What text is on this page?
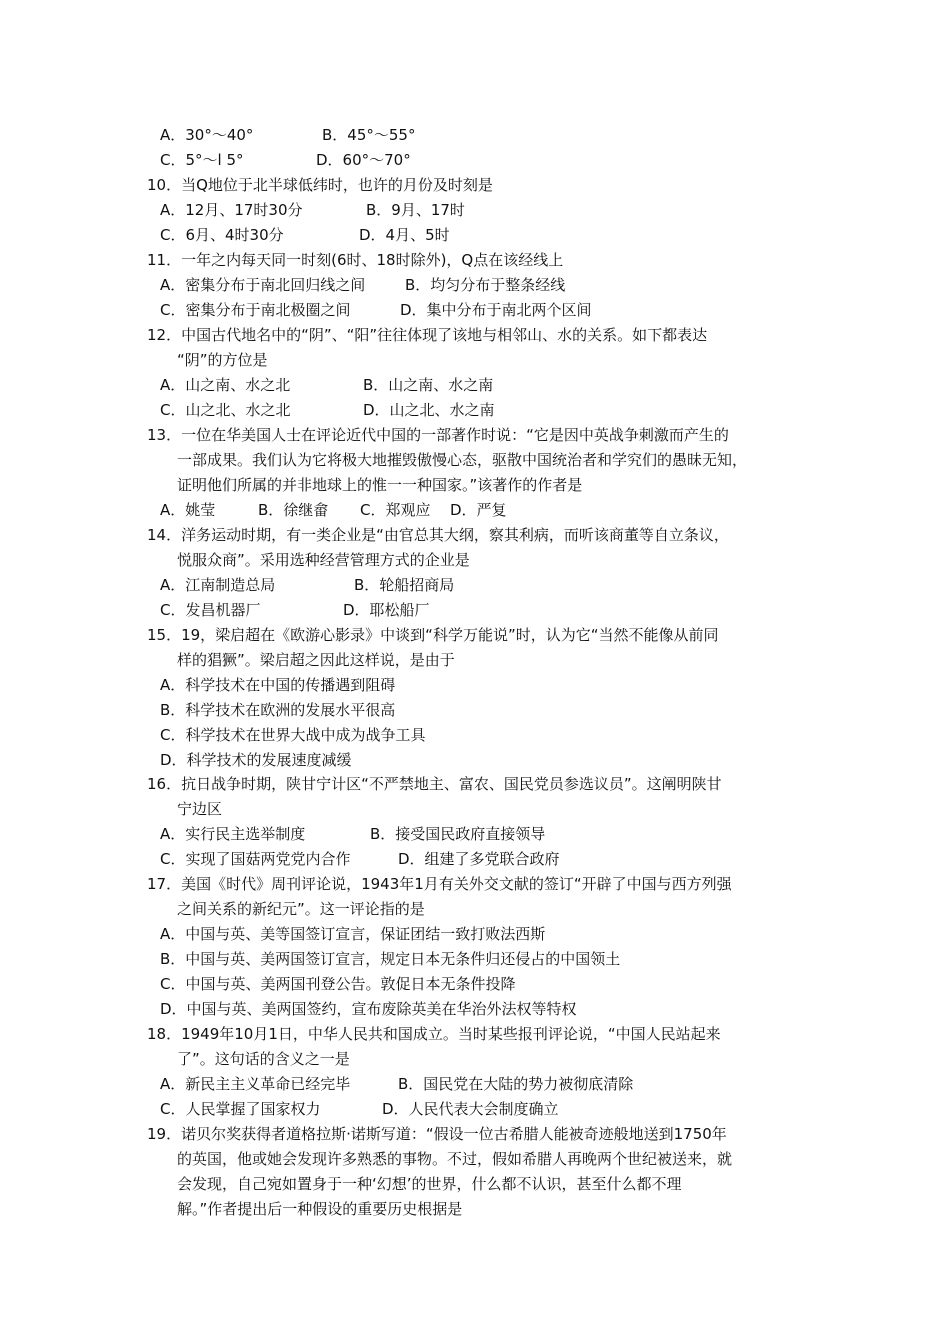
A．30°～40°	B．45°～55°
C．5°～l 5°	D．60°～70°
10．当Q地位于北半球低纬时，也许的月份及时刻是
A．12月、17时30分	B．9月、17时
C．6月、4时30分	D．4月、5时
11．一年之内每天同一时刻(6时、18时除外)，Q点在该经线上
A．密集分布于南北回归线之间	B．均匀分布于整条经线
C．密集分布于南北极圈之间	D．集中分布于南北两个区间
12．中国古代地名中的“阴”、“阳”往往体现了该地与相邻山、水的关系。如下都表达
“阴”的方位是
A．山之南、水之北	B．山之南、水之南
C．山之北、水之北	D．山之北、水之南
13．一位在华美国人士在评论近代中国的一部著作时说：“它是因中英战争刺激而产生的
一部成果。我们认为它将极大地摧毁傲慢心态，驱散中国统治者和学究们的愚昧无知，
证明他们所属的并非地球上的惟一一种国家。”该著作的作者是
A．姚莹	B．徐继畲 C．郑观应 D．严复
14．洋务运动时期，有一类企业是“由官总其大纲，察其利病，而听该商董等自立条议，
悦服众商”。采用选种经营管理方式的企业是
A．江南制造总局	B．轮船招商局
C．发昌机器厂	D．耶松船厂
15．19，梁启超在《欧游心影录》中谈到“科学万能说”时，认为它“当然不能像从前同
样的猖獗”。梁启超之因此这样说，是由于
A．科学技术在中国的传播遇到阻碍
B．科学技术在欧洲的发展水平很高
C．科学技术在世界大战中成为战争工具
D．科学技术的发展速度减缓
16．抗日战争时期，陕甘宁计区“不严禁地主、富农、国民党员参选议员”。这阐明陕甘
宁边区
A．实行民主选举制度	B．接受国民政府直接领导
C．实现了国菇两党党内合作	D．组建了多党联合政府
17．美国《时代》周刊评论说，1943年1月有关外交文献的签订“开辟了中国与西方列强
之间关系的新纪元”。这一评论指的是
A．中国与英、美等国签订宣言，保证团结一致打败法西斯
B．中国与英、美两国签订宣言，规定日本无条件归还侵占的中国领土
C．中国与英、美两国刊登公告。敦促日本无条件投降
D．中国与英、美两国签约，宣布废除英美在华治外法权等特权
18．1949年10月1日，中华人民共和国成立。当时某些报刊评论说，“中国人民站起来
了”。这句话的含义之一是
A．新民主主义革命已经完毕	B．国民党在大陆的势力被彻底清除
C．人民掌握了国家权力	D．人民代表大会制度确立
19．诺贝尔奖获得者道格拉斯·诺斯写道：“假设一位古希腊人能被奇迹般地送到1750年
的英国，他或她会发现许多熟悉的事物。不过，假如希腊人再晚两个世纪被送来，就
会发现，自己宛如置身于一种‘幻想’的世界，什么都不认识，甚至什么都不理
解。”作者提出后一种假设的重要历史根据是
